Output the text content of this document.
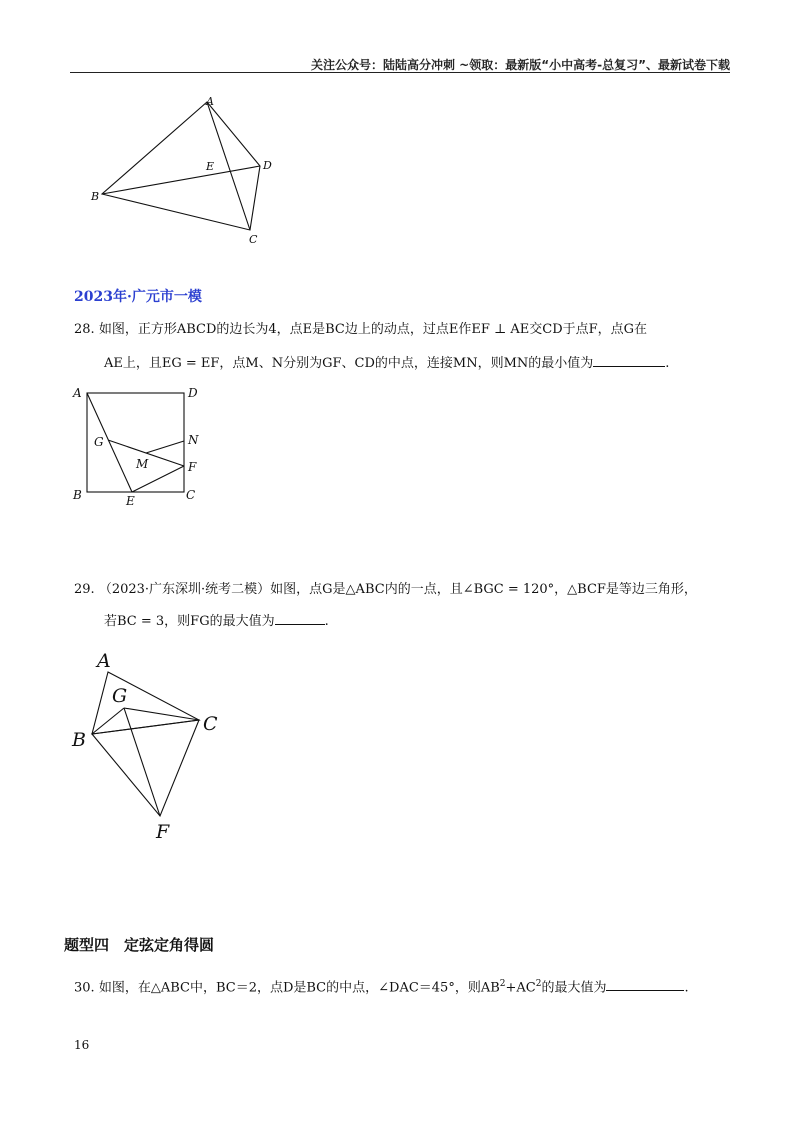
关注公众号：陆陆高分冲刺 ~领取：最新版“小中高考-总复习”、最新试卷下载
A
D
E
B
C
2023年·广元市一模
28. 如图，正方形ABCD的边长为4，点E是BC边上的动点，过点E作EF ⊥ AE交CD于点F，点G在
AE上，且EG = EF，点M、N分别为GF、CD的中点，连接MN，则MN的最小值为	.
A	D
G	N
M	F
B	E	C
29. （2023·广东深圳·统考二模）如图，点G是△ABC内的一点，且∠BGC = 120°，△BCF是等边三角形，
若BC = 3，则FG的最大值为	.
A
G
C
B
F
题型四　定弦定角得圆
30. 如图，在△ABC中，BC＝2，点D是BC的中点，∠DAC＝45°，则$AB^2+AC^2$的最大值为	.
16
